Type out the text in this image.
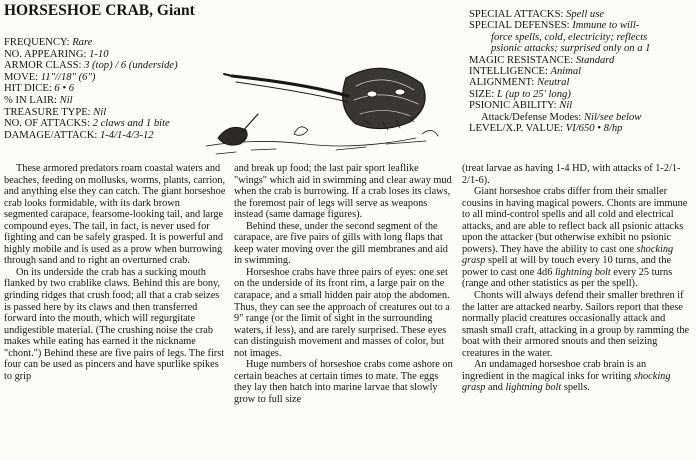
HORSESHOE CRAB, Giant
FREQUENCY: Rare
NO. APPEARING: 1-10
ARMOR CLASS: 3 (top) / 6 (underside)
MOVE: 11"//18" (6")
HIT DICE: 6 • 6
% IN LAIR: Nil
TREASURE TYPE: Nil
NO. OF ATTACKS: 2 claws and 1 bite
DAMAGE/ATTACK: 1-4/1-4/3-12
SPECIAL ATTACKS: Spell use
SPECIAL DEFENSES: Immune to will-
force spells, cold, electricity; reflects
psionic attacks; surprised only on a 1
MAGIC RESISTANCE: Standard
INTELLIGENCE: Animal
ALIGNMENT: Neutral
SIZE: L (up to 25' long)
PSIONIC ABILITY: Nil
Attack/Defense Modes: Nil/see below
LEVEL/X.P. VALUE: VI/650 • 8/hp

These armored predators roam coastal waters and beaches, feeding on mollusks, worms, plants, carrion, and anything else they can catch. The giant horseshoe crab looks formidable, with its dark brown segmented carapace, fearsome-looking tail, and large compound eyes. The tail, in fact, is never used for fighting and can be safely grasped. It is powerful and highly mobile and is used as a prow when burrowing through sand and to right an overturned crab.

On its underside the crab has a sucking mouth flanked by two crablike claws. Behind this are bony, grinding ridges that crush food; all that a crab seizes is passed here by its claws and then transferred forward into the mouth, which will regurgitate undigestible material. (The crushing noise the crab makes while eating has earned it the nickname "chont.") Behind these are five pairs of legs. The first four can be used as pincers and have spurlike spikes to grip

and break up food; the last pair sport leaflike "wings" which aid in swimming and clear away mud when the crab is burrowing. If a crab loses its claws, the foremost pair of legs will serve as weapons instead (same damage figures).

Behind these, under the second segment of the carapace, are five pairs of gills with long flaps that keep water moving over the gill membranes and aid in swimming.

Horseshoe crabs have three pairs of eyes: one set on the underside of its front rim, a large pair on the carapace, and a small hidden pair atop the abdomen. Thus, they can see the approach of creatures out to a 9" range (or the limit of sight in the surrounding waters, if less), and are rarely surprised. These eyes can distinguish movement and masses of color, but not images.

Huge numbers of horseshoe crabs come ashore on certain beaches at certain times to mate. The eggs they lay then hatch into marine larvae that slowly grow to full size

(treat larvae as having 1-4 HD, with attacks of 1-2/1-2/1-6).

Giant horseshoe crabs differ from their smaller cousins in having magical powers. Chonts are immune to all mind-control spells and all cold and electrical attacks, and are able to reflect back all psionic attacks upon the attacker (but otherwise exhibit no psionic powers). They have the ability to cast one shocking grasp spell at will by touch every 10 turns, and the power to cast one 4d6 lightning bolt every 25 turns (range and other statistics as per the spell).

Chonts will always defend their smaller brethren if the latter are attacked nearby. Sailors report that these normally placid creatures occasionally attack and smash small craft, attacking in a group by ramming the boat with their armored snouts and then seizing creatures in the water.

An undamaged horseshoe crab brain is an ingredient in the magical inks for writing shocking grasp and lightning bolt spells.
